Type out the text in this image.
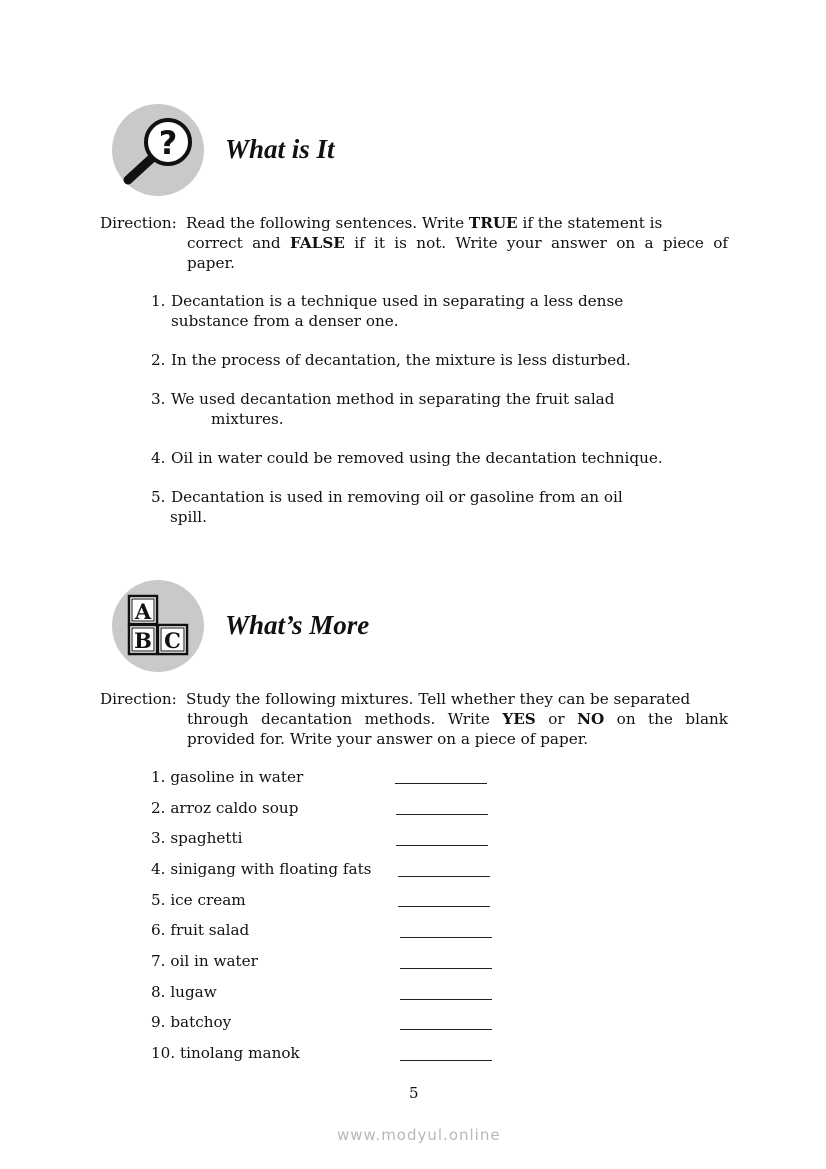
? What is It
Direction: Read the following sentences. Write TRUE if the statement is
correct and FALSE if it is not. Write your answer on a piece of
paper.
1. Decantation is a technique used in separating a less dense
substance from a denser one.
2. In the process of decantation, the mixture is less disturbed.
3. We used decantation method in separating the fruit salad
mixtures.
4. Oil in water could be removed using the decantation technique.
5. Decantation is used in removing oil or gasoline from an oil
spill.
A
B C
What’s More
Direction: Study the following mixtures. Tell whether they can be separated
through decantation methods. Write YES or NO on the blank
provided for. Write your answer on a piece of paper.
1. gasoline in water
2. arroz caldo soup
3. spaghetti
4. sinigang with floating fats
5. ice cream
6. fruit salad
7. oil in water
8. lugaw
9. batchoy
10. tinolang manok
5
www.modyul.online
